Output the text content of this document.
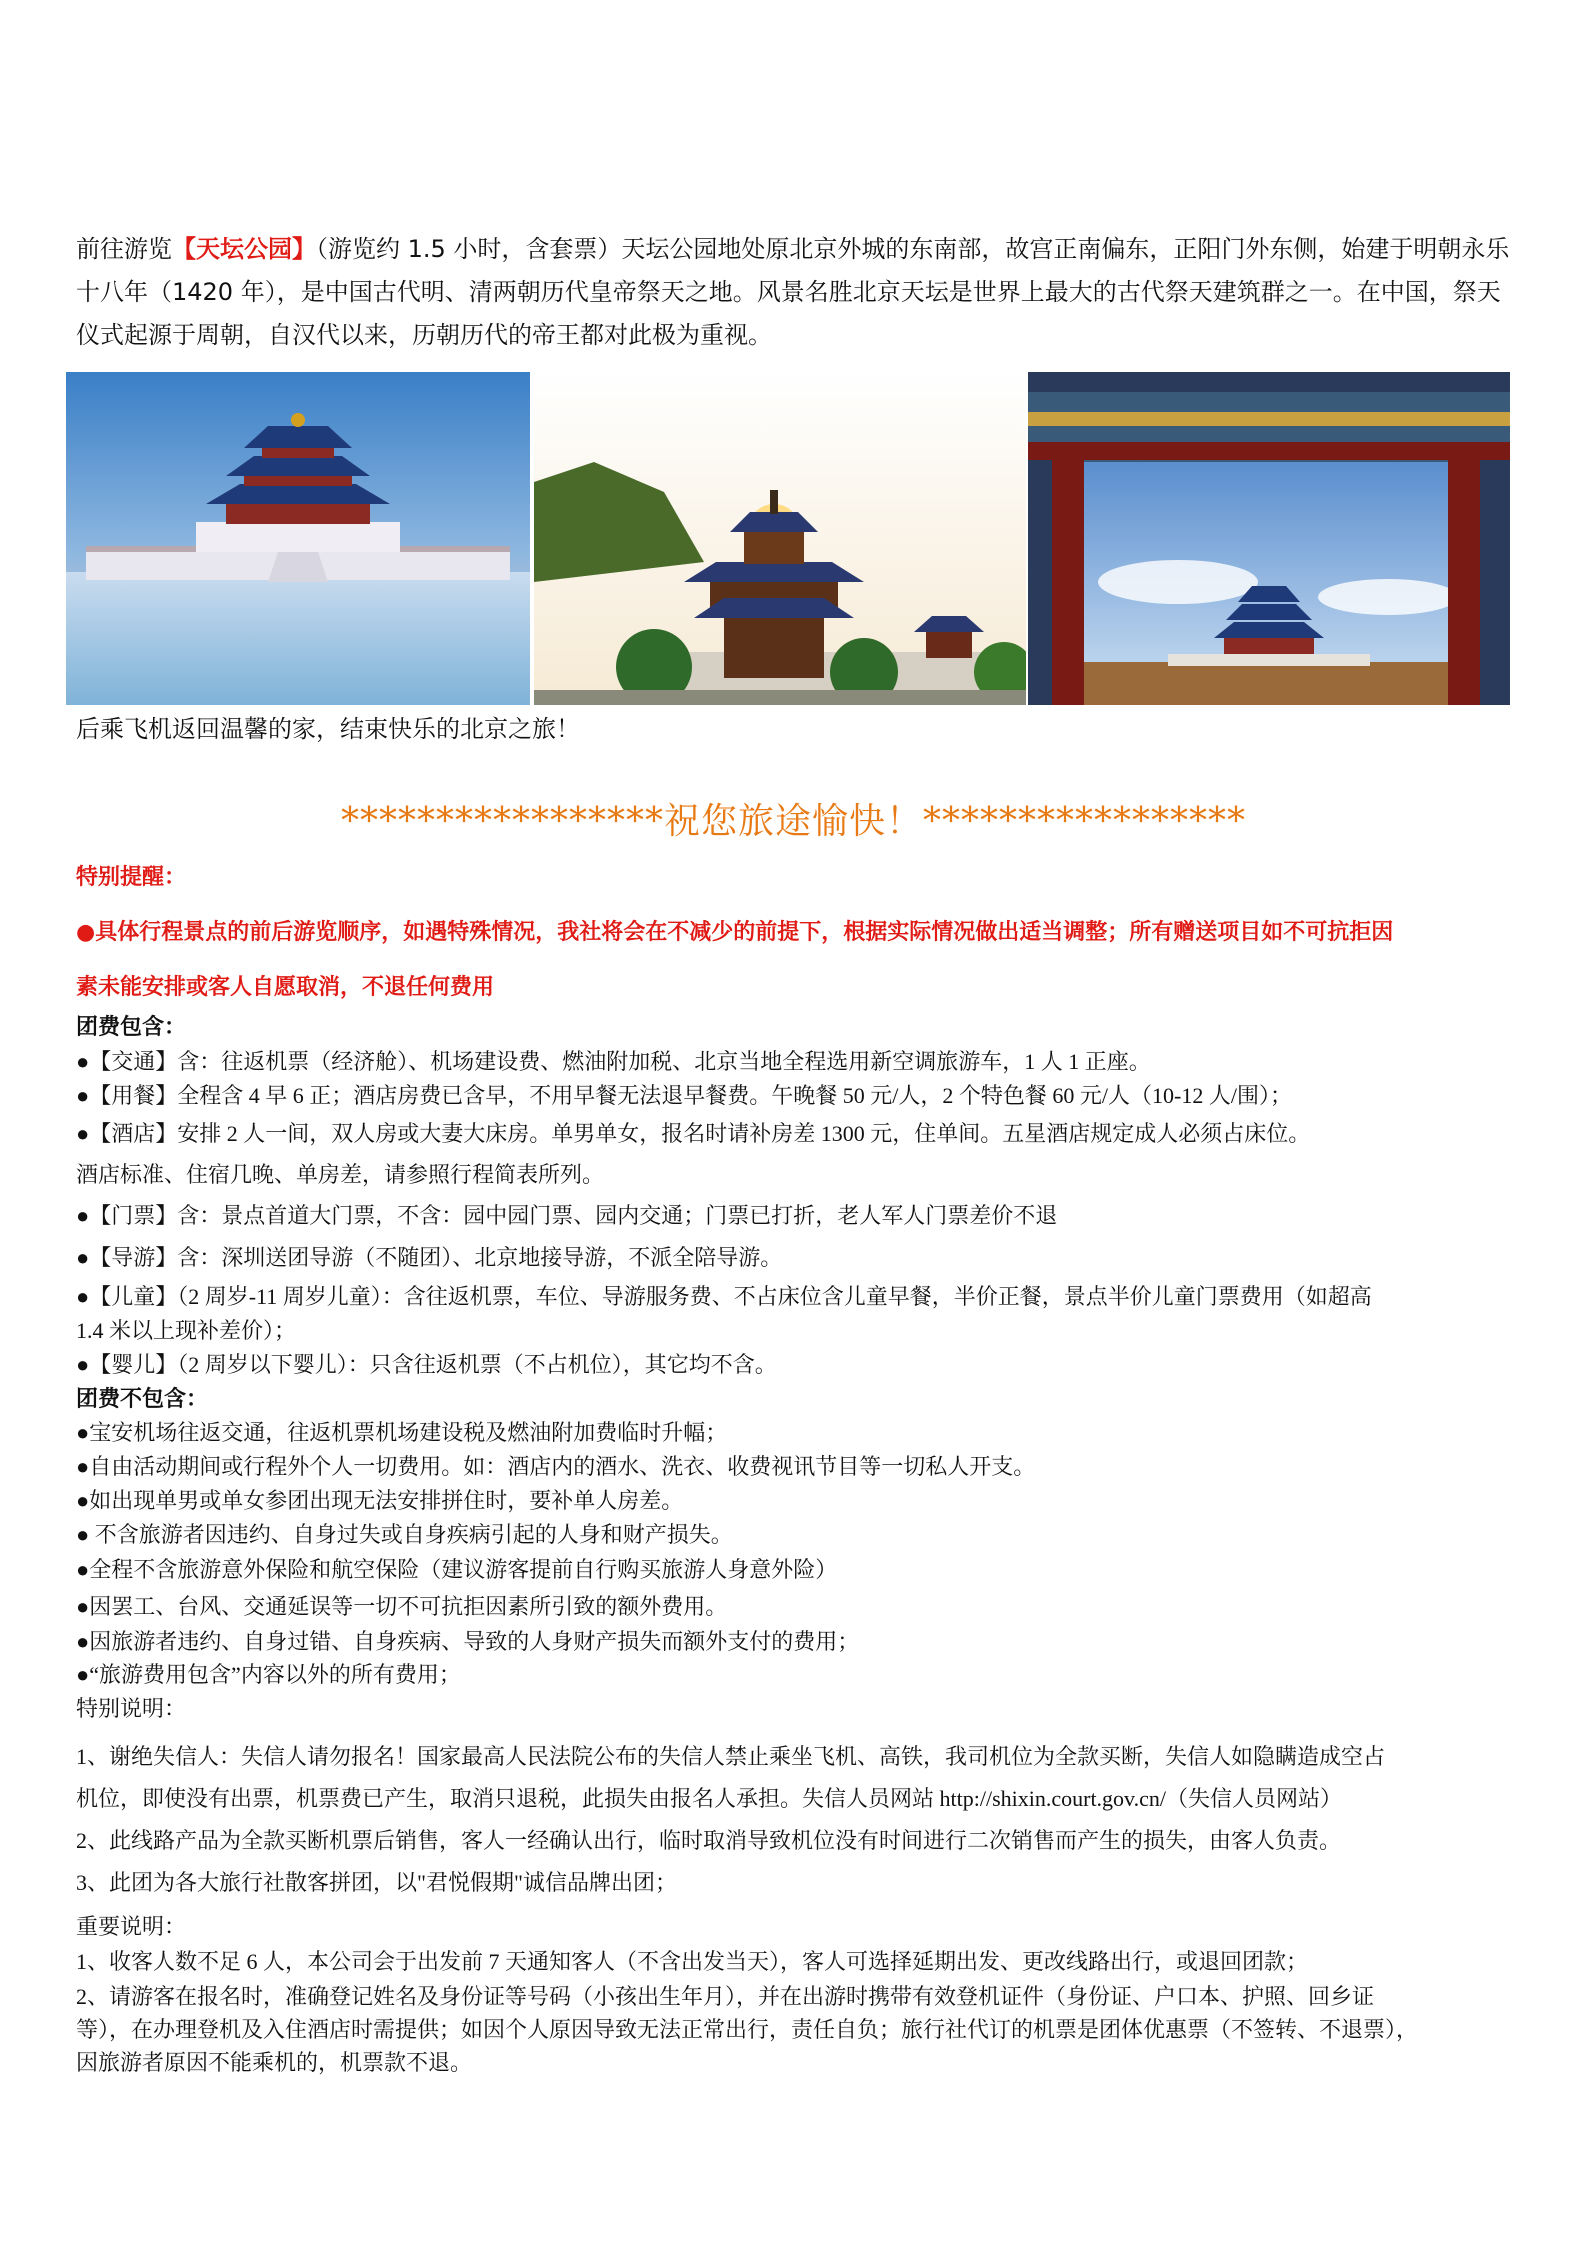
前往游览【天坛公园】（游览约 1.5 小时，含套票）天坛公园地处原北京外城的东南部，故宫正南偏东，正阳门外东侧，始建于明朝永乐十八年（1420 年），是中国古代明、清两朝历代皇帝祭天之地。风景名胜北京天坛是世界上最大的古代祭天建筑群之一。在中国，祭天仪式起源于周朝，自汉代以来，历朝历代的帝王都对此极为重视。
后乘飞机返回温馨的家，结束快乐的北京之旅！
*****************祝您旅途愉快！*****************
特别提醒：
●具体行程景点的前后游览顺序，如遇特殊情况，我社将会在不减少的前提下，根据实际情况做出适当调整；所有赠送项目如不可抗拒因
素未能安排或客人自愿取消，不退任何费用
团费包含：
●【交通】含：往返机票（经济舱）、机场建设费、燃油附加税、北京当地全程选用新空调旅游车，1 人 1 正座。
●【用餐】全程含 4 早 6 正；酒店房费已含早，不用早餐无法退早餐费。午晚餐 50 元/人，2 个特色餐 60 元/人（10-12 人/围）；
●【酒店】安排 2 人一间，双人房或大妻大床房。单男单女，报名时请补房差 1300 元，住单间。五星酒店规定成人必须占床位。
酒店标准、住宿几晚、单房差，请参照行程简表所列。
●【门票】含：景点首道大门票，不含：园中园门票、园内交通；门票已打折，老人军人门票差价不退
●【导游】含：深圳送团导游（不随团）、北京地接导游，不派全陪导游。
●【儿童】（2 周岁-11 周岁儿童）：含往返机票，车位、导游服务费、不占床位含儿童早餐，半价正餐，景点半价儿童门票费用（如超高
1.4 米以上现补差价）；
●【婴儿】（2 周岁以下婴儿）：只含往返机票（不占机位），其它均不含。
团费不包含：
●宝安机场往返交通，往返机票机场建设税及燃油附加费临时升幅；
●自由活动期间或行程外个人一切费用。如：酒店内的酒水、洗衣、收费视讯节目等一切私人开支。
●如出现单男或单女参团出现无法安排拼住时，要补单人房差。
● 不含旅游者因违约、自身过失或自身疾病引起的人身和财产损失。
●全程不含旅游意外保险和航空保险（建议游客提前自行购买旅游人身意外险）
●因罢工、台风、交通延误等一切不可抗拒因素所引致的额外费用。
●因旅游者违约、自身过错、自身疾病、导致的人身财产损失而额外支付的费用；
●“旅游费用包含”内容以外的所有费用；
特别说明：
1、谢绝失信人：失信人请勿报名！国家最高人民法院公布的失信人禁止乘坐飞机、高铁，我司机位为全款买断，失信人如隐瞒造成空占
机位，即使没有出票，机票费已产生，取消只退税，此损失由报名人承担。失信人员网站 http://shixin.court.gov.cn/（失信人员网站）
2、此线路产品为全款买断机票后销售，客人一经确认出行，临时取消导致机位没有时间进行二次销售而产生的损失，由客人负责。
3、此团为各大旅行社散客拼团，以"君悦假期"诚信品牌出团；
重要说明：
1、收客人数不足 6 人，本公司会于出发前 7 天通知客人（不含出发当天），客人可选择延期出发、更改线路出行，或退回团款；
2、请游客在报名时，准确登记姓名及身份证等号码（小孩出生年月），并在出游时携带有效登机证件（身份证、户口本、护照、回乡证
等），在办理登机及入住酒店时需提供；如因个人原因导致无法正常出行，责任自负；旅行社代订的机票是团体优惠票（不签转、不退票），
因旅游者原因不能乘机的，机票款不退。
